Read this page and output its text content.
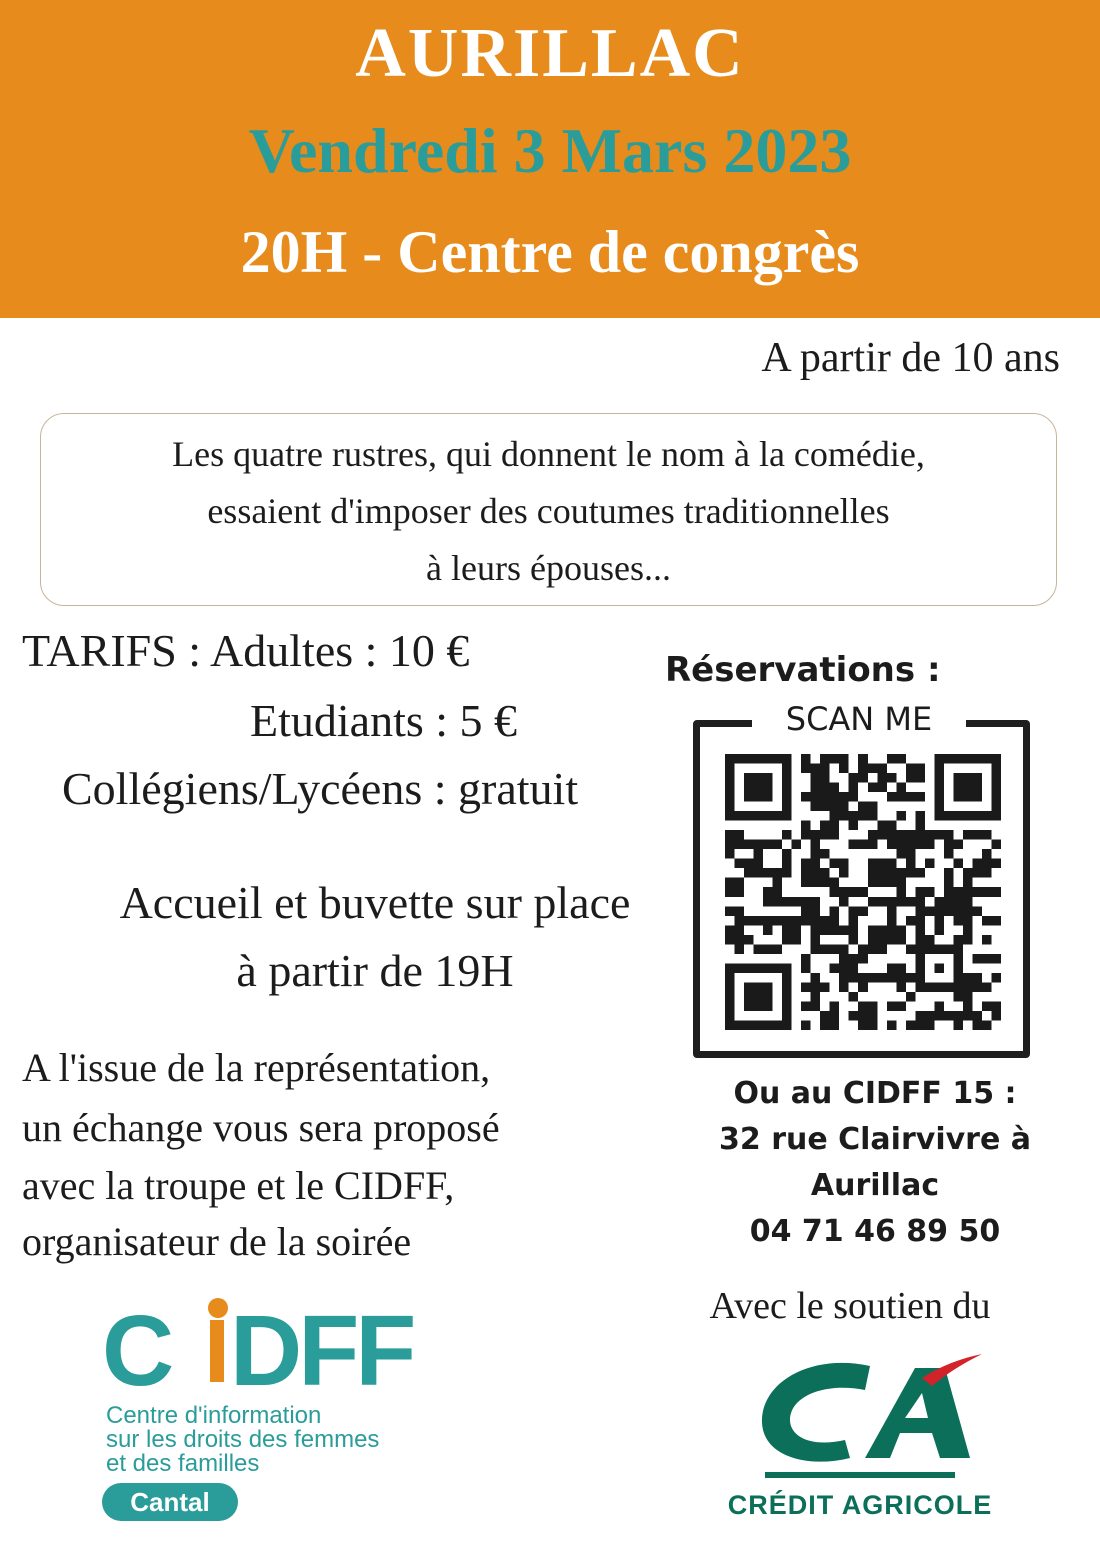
AURILLAC
Vendredi 3 Mars 2023
20H - Centre de congrès
A partir de 10 ans
Les quatre rustres, qui donnent le nom à la comédie,
essaient d'imposer des coutumes traditionnelles
à leurs épouses...
TARIFS : Adultes : 10 €
Etudiants : 5 €
Collégiens/Lycéens : gratuit
Accueil et buvette sur place
à partir de 19H
A l'issue de la représentation,
un échange vous sera proposé
avec la troupe et le CIDFF,
organisateur de la soirée
Réservations :
SCAN ME
Ou au CIDFF 15 :
32 rue Clairvivre à
Aurillac
04 71 46 89 50
Avec le soutien du
C DFF
Centre d'information
sur les droits des femmes
et des familles
Cantal	CRÉDIT AGRICOLE
